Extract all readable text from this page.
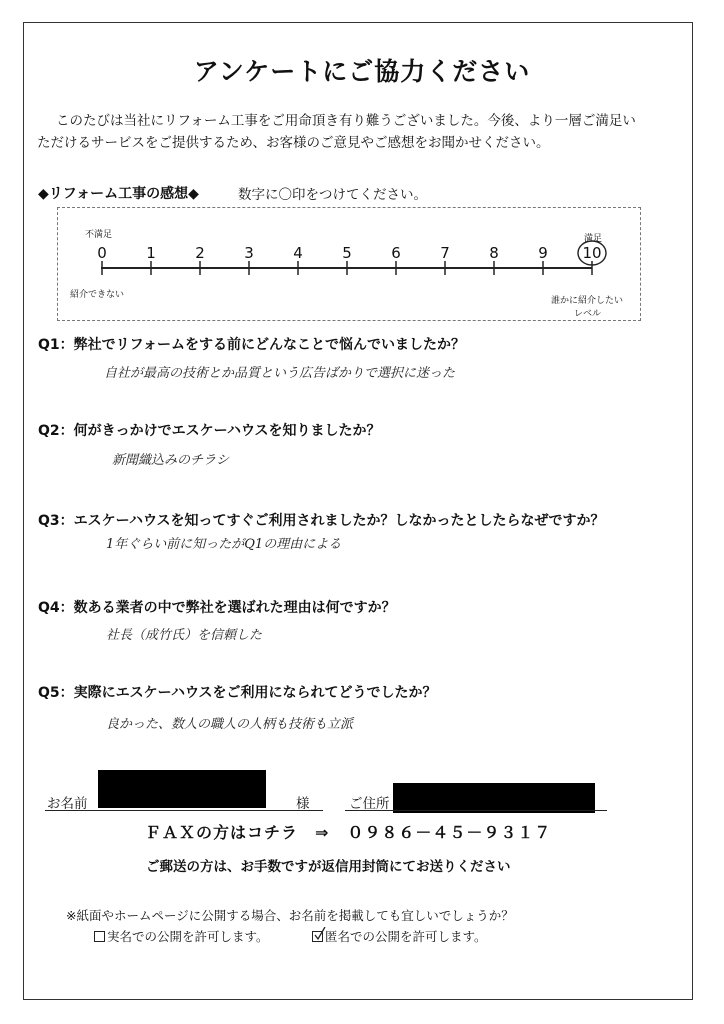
アンケートにご協力ください
このたびは当社にリフォーム工事をご用命頂き有り難うございました。今後、より一層ご満足い
ただけるサービスをご提供するため、お客様のご意見やご感想をお聞かせください。
◆リフォーム工事の感想◆	数字に〇印をつけてください。
不満足
紹介できない
満足
誰かに紹介したい
レベル
0	1	2	3	4	5	6	7	8	9 10
Q1：弊社でリフォームをする前にどんなことで悩んでいましたか？
自社が最高の技術とか品質という広告ばかりで選択に迷った
Q2：何がきっかけでエスケーハウスを知りましたか？
新聞織込みのチラシ
Q3：エスケーハウスを知ってすぐご利用されましたか？しなかったとしたらなぜですか？
1年ぐらい前に知ったがQ1の理由による
Q4：数ある業者の中で弊社を選ばれた理由は何ですか？
社長（成竹氏）を信頼した
Q5：実際にエスケーハウスをご利用になられてどうでしたか？
良かった、数人の職人の人柄も技術も立派
お名前	様	ご住所
ＦＡＸの方はコチラ　⇒ ０９８６－４５－９３１７
ご郵送の方は、お手数ですが返信用封筒にてお送りください
※紙面やホームページに公開する場合、お名前を掲載しても宜しいでしょうか？
実名での公開を許可します。	匿名での公開を許可します。
